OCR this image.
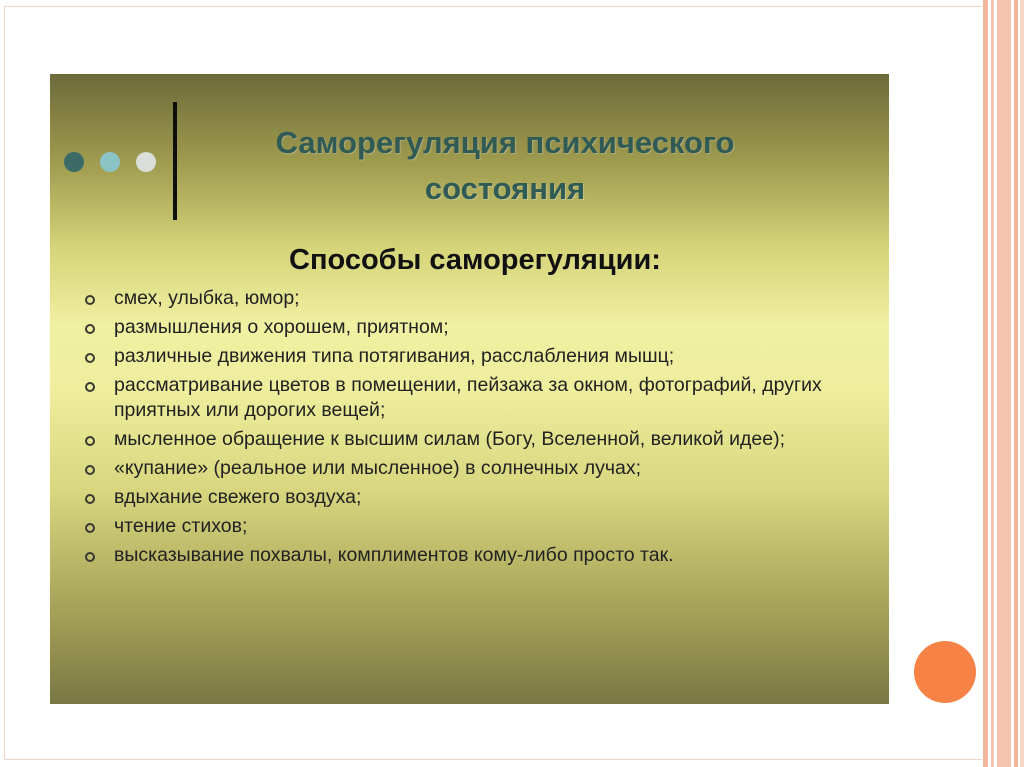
Саморегуляция психического состояния
Способы саморегуляции:
смех, улыбка, юмор;
размышления о хорошем, приятном;
различные движения типа потягивания, расслабления мышц;
рассматривание цветов в помещении, пейзажа за окном, фотографий, других приятных или дорогих вещей;
мысленное обращение к высшим силам (Богу, Вселенной, великой идее);
«купание» (реальное или мысленное) в солнечных лучах;
вдыхание свежего воздуха;
чтение стихов;
высказывание похвалы, комплиментов кому-либо просто так.
